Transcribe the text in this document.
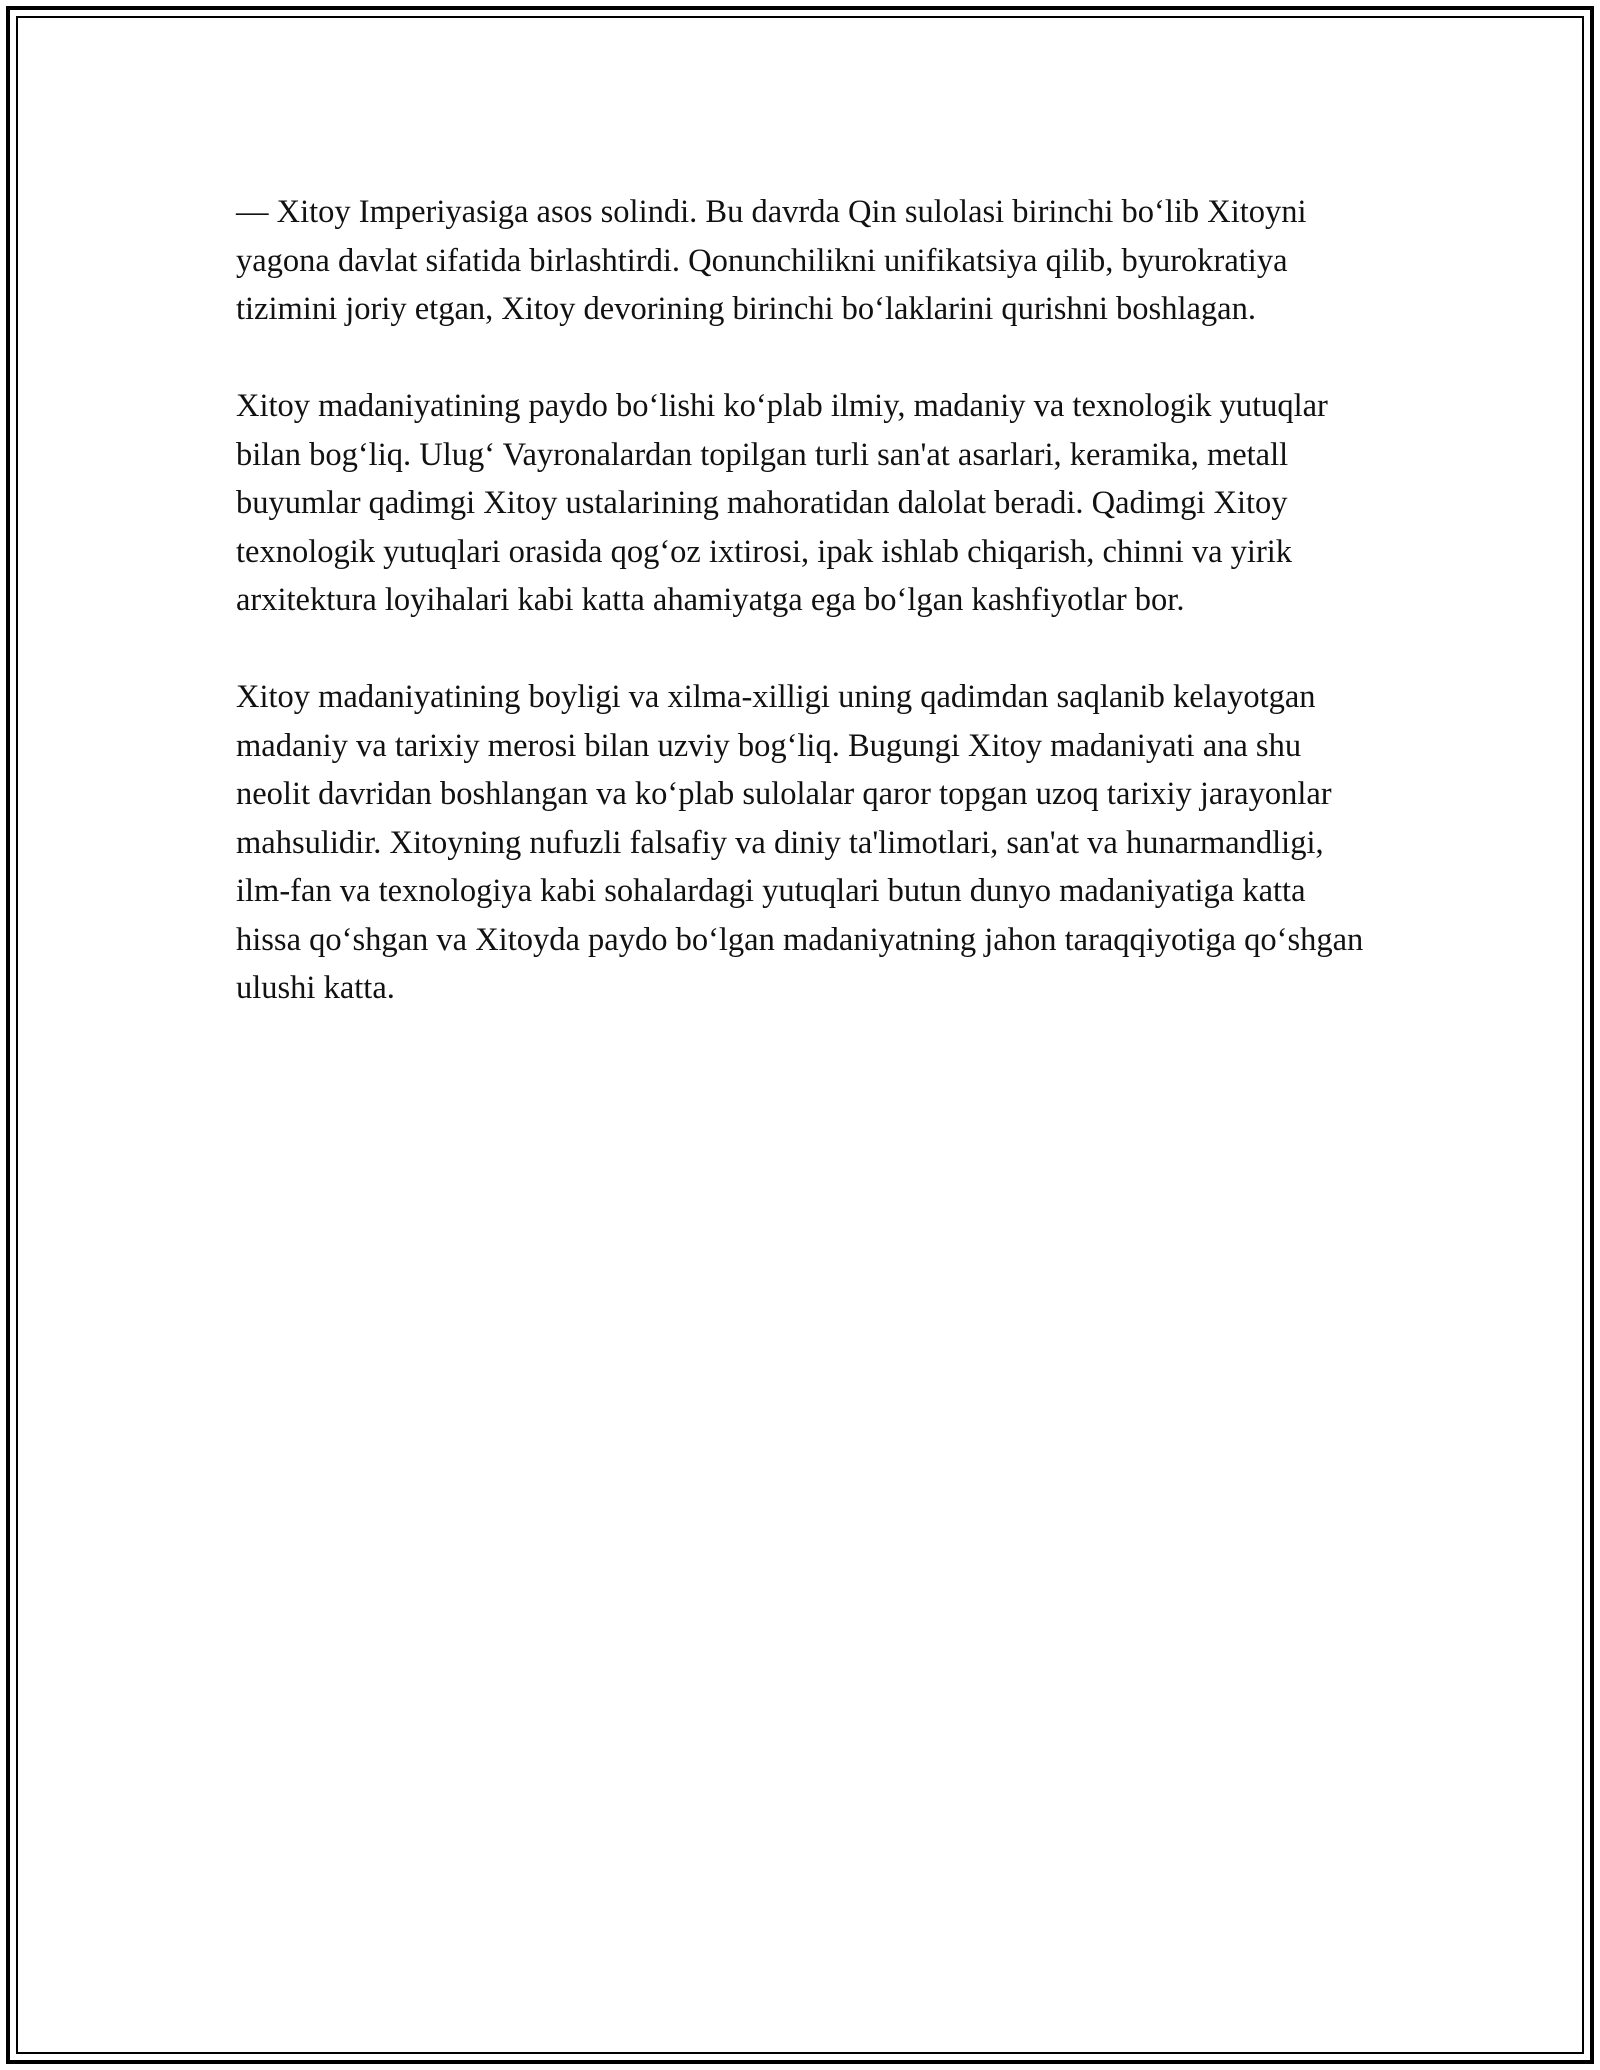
— Xitoy Imperiyasiga asos solindi. Bu davrda Qin sulolasi birinchi bo‘lib Xitoyni yagona davlat sifatida birlashtirdi. Qonunchilikni unifikatsiya qilib, byurokratiya tizimini joriy etgan, Xitoy devorining birinchi bo‘laklarini qurishni boshlagan.

Xitoy madaniyatining paydo bo‘lishi ko‘plab ilmiy, madaniy va texnologik yutuqlar bilan bog‘liq. Ulug‘ Vayronalardan topilgan turli san'at asarlari, keramika, metall buyumlar qadimgi Xitoy ustalarining mahoratidan dalolat beradi. Qadimgi Xitoy texnologik yutuqlari orasida qog‘oz ixtirosi, ipak ishlab chiqarish, chinni va yirik arxitektura loyihalari kabi katta ahamiyatga ega bo‘lgan kashfiyotlar bor.

Xitoy madaniyatining boyligi va xilma-xilligi uning qadimdan saqlanib kelayotgan madaniy va tarixiy merosi bilan uzviy bog‘liq. Bugungi Xitoy madaniyati ana shu neolit davridan boshlangan va ko‘plab sulolalar qaror topgan uzoq tarixiy jarayonlar mahsulidir. Xitoyning nufuzli falsafiy va diniy ta'limotlari, san'at va hunarmandligi, ilm-fan va texnologiya kabi sohalardagi yutuqlari butun dunyo madaniyatiga katta hissa qo‘shgan va Xitoyda paydo bo‘lgan madaniyatning jahon taraqqiyotiga qo‘shgan ulushi katta.
